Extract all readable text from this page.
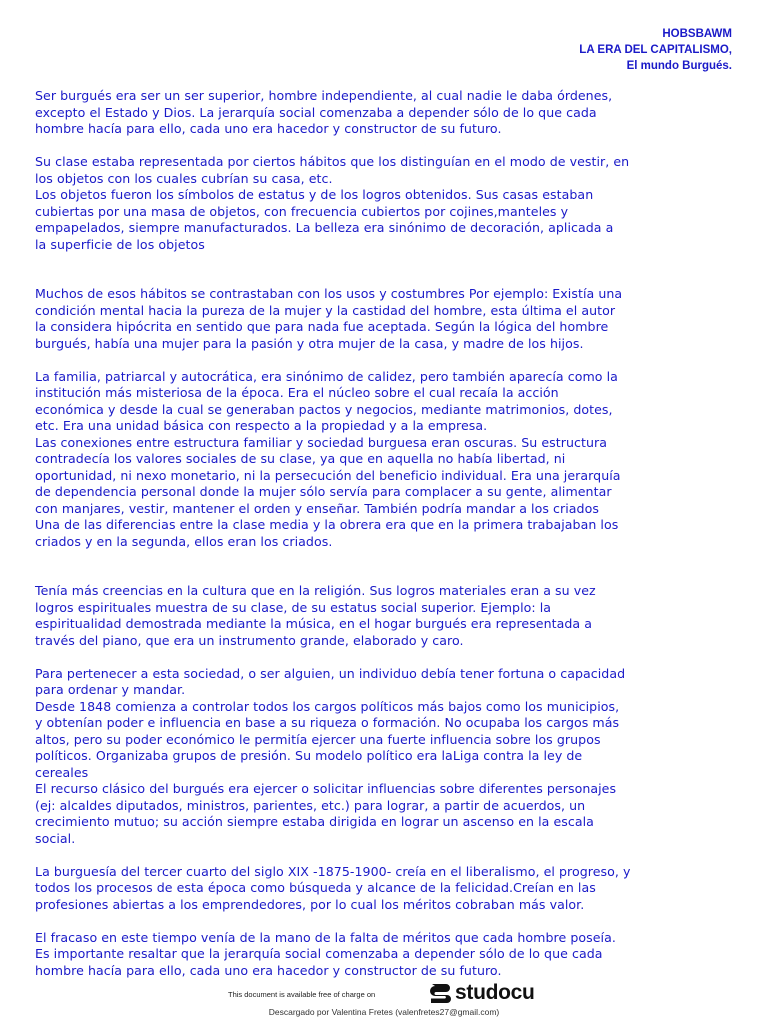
HOBSBAWM
LA ERA DEL CAPITALISMO,
El mundo Burgués.

Ser burgués era ser un ser superior, hombre independiente, al cual nadie le daba órdenes,
excepto el Estado y Dios. La jerarquía social comenzaba a depender sólo de lo que cada
hombre hacía para ello, cada uno era hacedor y constructor de su futuro.

Su clase estaba representada por ciertos hábitos que los distinguían en el modo de vestir, en
los objetos con los cuales cubrían su casa, etc.
Los objetos fueron los símbolos de estatus y de los logros obtenidos. Sus casas estaban
cubiertas por una masa de objetos, con frecuencia cubiertos por cojines,manteles y
empapelados, siempre manufacturados. La belleza era sinónimo de decoración, aplicada a
la superficie de los objetos

Muchos de esos hábitos se contrastaban con los usos y costumbres Por ejemplo: Existía una
condición mental hacia la pureza de la mujer y la castidad del hombre, esta última el autor
la considera hipócrita en sentido que para nada fue aceptada. Según la lógica del hombre
burgués, había una mujer para la pasión y otra mujer de la casa, y madre de los hijos.

La familia, patriarcal y autocrática, era sinónimo de calidez, pero también aparecía como la
institución más misteriosa de la época. Era el núcleo sobre el cual recaía la acción
económica y desde la cual se generaban pactos y negocios, mediante matrimonios, dotes,
etc. Era una unidad básica con respecto a la propiedad y a la empresa.
Las conexiones entre estructura familiar y sociedad burguesa eran oscuras. Su estructura
contradecía los valores sociales de su clase, ya que en aquella no había libertad, ni
oportunidad, ni nexo monetario, ni la persecución del beneficio individual. Era una jerarquía
de dependencia personal donde la mujer sólo servía para complacer a su gente, alimentar
con manjares, vestir, mantener el orden y enseñar. También podría mandar a los criados
Una de las diferencias entre la clase media y la obrera era que en la primera trabajaban los
criados y en la segunda, ellos eran los criados.

Tenía más creencias en la cultura que en la religión. Sus logros materiales eran a su vez
logros espirituales muestra de su clase, de su estatus social superior. Ejemplo: la
espiritualidad demostrada mediante la música, en el hogar burgués era representada a
través del piano, que era un instrumento grande, elaborado y caro.

Para pertenecer a esta sociedad, o ser alguien, un individuo debía tener fortuna o capacidad
para ordenar y mandar.
Desde 1848 comienza a controlar todos los cargos políticos más bajos como los municipios,
y obtenían poder e influencia en base a su riqueza o formación. No ocupaba los cargos más
altos, pero su poder económico le permitía ejercer una fuerte influencia sobre los grupos
políticos. Organizaba grupos de presión. Su modelo político era laLiga contra la ley de
cereales
El recurso clásico del burgués era ejercer o solicitar influencias sobre diferentes personajes
(ej: alcaldes diputados, ministros, parientes, etc.) para lograr, a partir de acuerdos, un
crecimiento mutuo; su acción siempre estaba dirigida en lograr un ascenso en la escala
social.

La burguesía del tercer cuarto del siglo XIX -1875-1900- creía en el liberalismo, el progreso, y
todos los procesos de esta época como búsqueda y alcance de la felicidad.Creían en las
profesiones abiertas a los emprendedores, por lo cual los méritos cobraban más valor.

El fracaso en este tiempo venía de la mano de la falta de méritos que cada hombre poseía.
Es importante resaltar que la jerarquía social comenzaba a depender sólo de lo que cada
hombre hacía para ello, cada uno era hacedor y constructor de su futuro.

This document is available free of charge on	studocu
Descargado por Valentina Fretes (valenfretes27@gmail.com)
